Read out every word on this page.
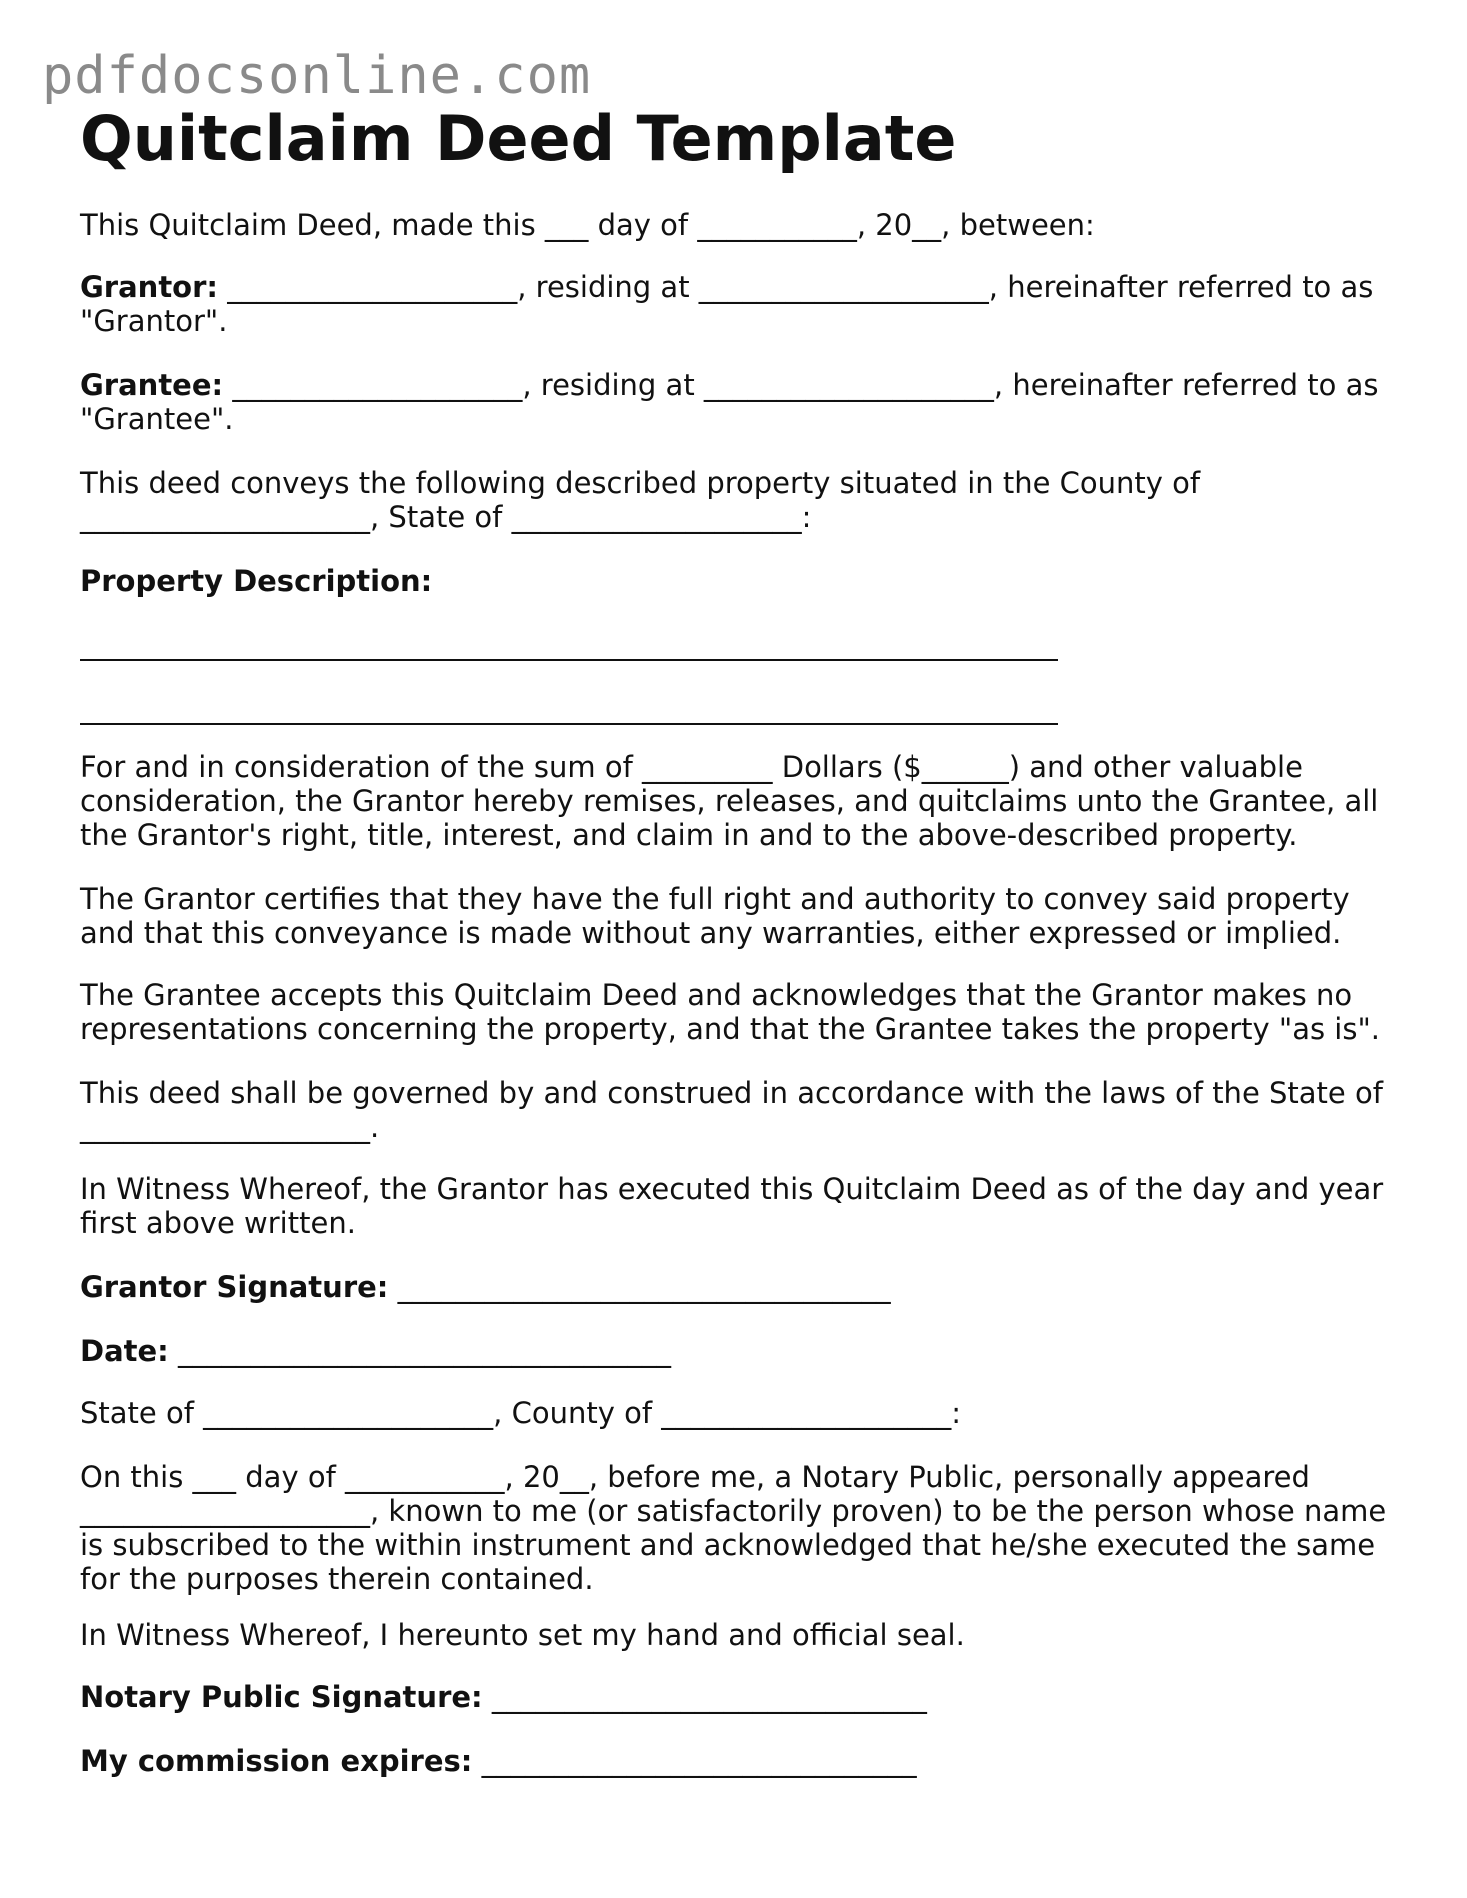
pdfdocsonline.com
Quitclaim Deed Template

This Quitclaim Deed, made this ___ day of ___________, 20__, between:

Grantor: ____________________, residing at ____________________, hereinafter referred to as "Grantor".

Grantee: ____________________, residing at ____________________, hereinafter referred to as "Grantee".

This deed conveys the following described property situated in the County of ____________________, State of ____________________:

Property Description:

For and in consideration of the sum of _________ Dollars ($______) and other valuable consideration, the Grantor hereby remises, releases, and quitclaims unto the Grantee, all the Grantor's right, title, interest, and claim in and to the above-described property.

The Grantor certifies that they have the full right and authority to convey said property and that this conveyance is made without any warranties, either expressed or implied.

The Grantee accepts this Quitclaim Deed and acknowledges that the Grantor makes no representations concerning the property, and that the Grantee takes the property "as is".

This deed shall be governed by and construed in accordance with the laws of the State of ____________________.

In Witness Whereof, the Grantor has executed this Quitclaim Deed as of the day and year first above written.

Grantor Signature: __________________________________

Date: __________________________________

State of ____________________, County of ____________________:

On this ___ day of ___________, 20__, before me, a Notary Public, personally appeared ____________________, known to me (or satisfactorily proven) to be the person whose name is subscribed to the within instrument and acknowledged that he/she executed the same for the purposes therein contained.

In Witness Whereof, I hereunto set my hand and official seal.

Notary Public Signature: ______________________________

My commission expires: ______________________________
